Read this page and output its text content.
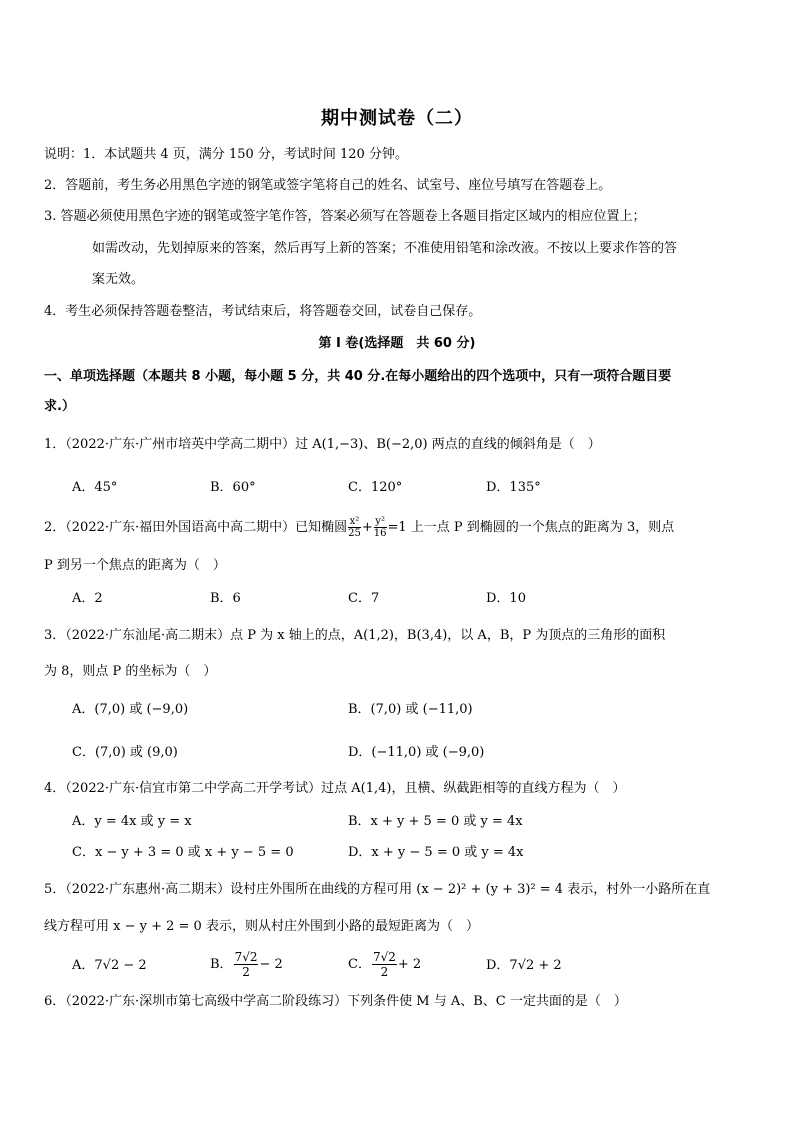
期中测试卷（二）
说明：1．本试题共 4 页，满分 150 分，考试时间 120 分钟。
2．答题前，考生务必用黑色字迹的钢笔或签字笔将自己的姓名、试室号、座位号填写在答题卷上。
3. 答题必须使用黑色字迹的钢笔或签字笔作答，答案必须写在答题卷上各题目指定区域内的相应位置上；
如需改动，先划掉原来的答案，然后再写上新的答案；不准使用铅笔和涂改液。不按以上要求作答的答
案无效。
4．考生必须保持答题卷整洁，考试结束后，将答题卷交回，试卷自己保存。
第 I 卷(选择题　共 60 分)
一、单项选择题（本题共 8 小题，每小题 5 分，共 40 分.在每小题给出的四个选项中，只有一项符合题目要
求.）
1．（2022·广东·广州市培英中学高二期中）过 A(1,−3)、B(−2,0) 两点的直线的倾斜角是（　）
A．45°	B．60°	C．120°	D．135°
2．（2022·广东·福田外国语高中高二期中）已知椭圆 $\frac{\text{x²}}{25} + \frac{\text{y²}}{16} =1$ 上一点 P 到椭圆的一个焦点的距离为 3，则点
P 到另一个焦点的距离为（　）
A．2	B．6	C．7	D．10
3．（2022·广东汕尾·高二期末）点 P 为 x 轴上的点，A(1,2)，B(3,4)，以 A，B，P 为顶点的三角形的面积
为 8，则点 P 的坐标为（　）
A．(7,0) 或 (−9,0)	B．(7,0) 或 (−11,0)
C．(7,0) 或 (9,0)	D．(−11,0) 或 (−9,0)
4．（2022·广东·信宜市第二中学高二开学考试）过点 A(1,4)，且横、纵截距相等的直线方程为（　）
A．y = 4x 或 y = x	B．x + y + 5 = 0 或 y = 4x
C．x − y + 3 = 0 或 x + y − 5 = 0	D．x + y − 5 = 0 或 y = 4x
5．（2022·广东惠州·高二期末）设村庄外围所在曲线的方程可用 (x − 2)² + (y + 3)² = 4 表示，村外一小路所在直
线方程可用 x − y + 2 = 0 表示，则从村庄外围到小路的最短距离为（　）
A．7√2 − 2	B． $\frac{7√2}{2} - 2$	C． $\frac{7√2}{2} + 2$	D．7√2 + 2
6．（2022·广东·深圳市第七高级中学高二阶段练习）下列条件使 M 与 A、B、C 一定共面的是（　）
